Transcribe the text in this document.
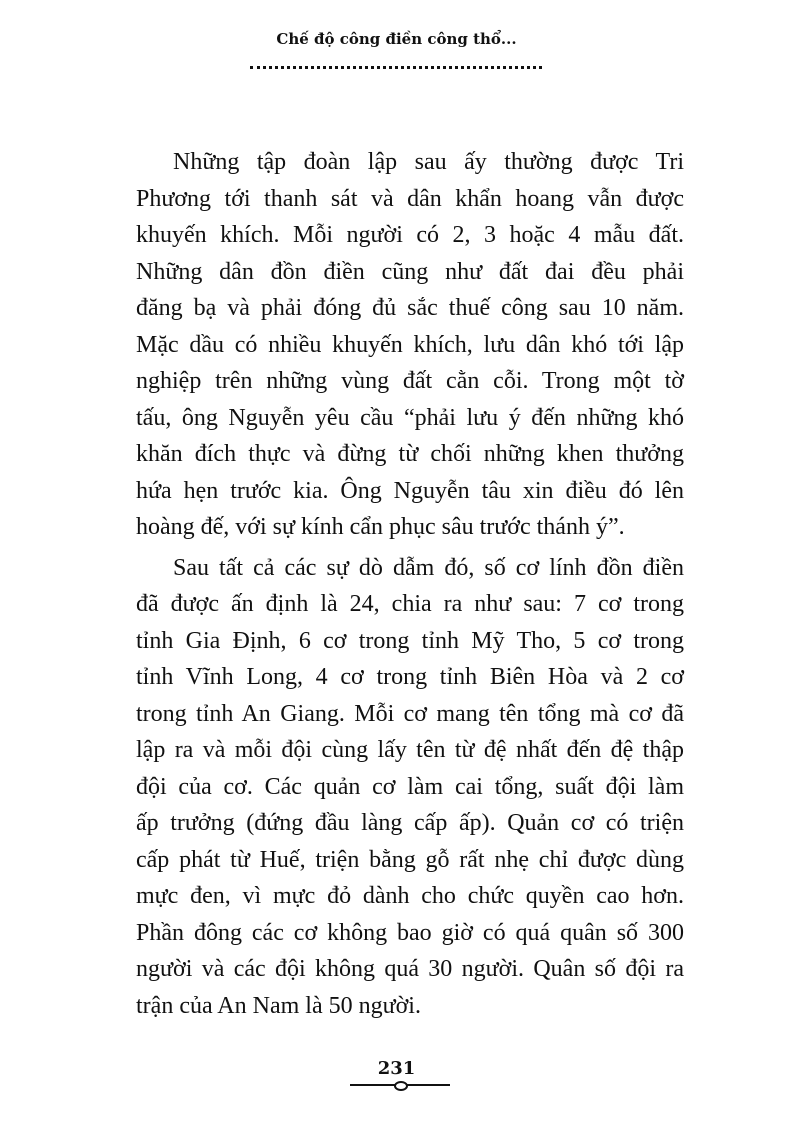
Chế độ công điền công thổ...
Những tập đoàn lập sau ấy thường được Tri
Phương tới thanh sát và dân khẩn hoang vẫn được
khuyến khích. Mỗi người có 2, 3 hoặc 4 mẫu đất.
Những dân đồn điền cũng như đất đai đều phải
đăng bạ và phải đóng đủ sắc thuế công sau 10 năm.
Mặc dầu có nhiều khuyến khích, lưu dân khó tới lập
nghiệp trên những vùng đất cằn cỗi. Trong một tờ
tấu, ông Nguyễn yêu cầu “phải lưu ý đến những khó
khăn đích thực và đừng từ chối những khen thưởng
hứa hẹn trước kia. Ông Nguyễn tâu xin điều đó lên
hoàng đế, với sự kính cẩn phục sâu trước thánh ý”.
Sau tất cả các sự dò dẫm đó, số cơ lính đồn điền
đã được ấn định là 24, chia ra như sau: 7 cơ trong
tỉnh Gia Định, 6 cơ trong tỉnh Mỹ Tho, 5 cơ trong
tỉnh Vĩnh Long, 4 cơ trong tỉnh Biên Hòa và 2 cơ
trong tỉnh An Giang. Mỗi cơ mang tên tổng mà cơ đã
lập ra và mỗi đội cùng lấy tên từ đệ nhất đến đệ thập
đội của cơ. Các quản cơ làm cai tổng, suất đội làm
ấp trưởng (đứng đầu làng cấp ấp). Quản cơ có triện
cấp phát từ Huế, triện bằng gỗ rất nhẹ chỉ được dùng
mực đen, vì mực đỏ dành cho chức quyền cao hơn.
Phần đông các cơ không bao giờ có quá quân số 300
người và các đội không quá 30 người. Quân số đội ra
trận của An Nam là 50 người.
231
